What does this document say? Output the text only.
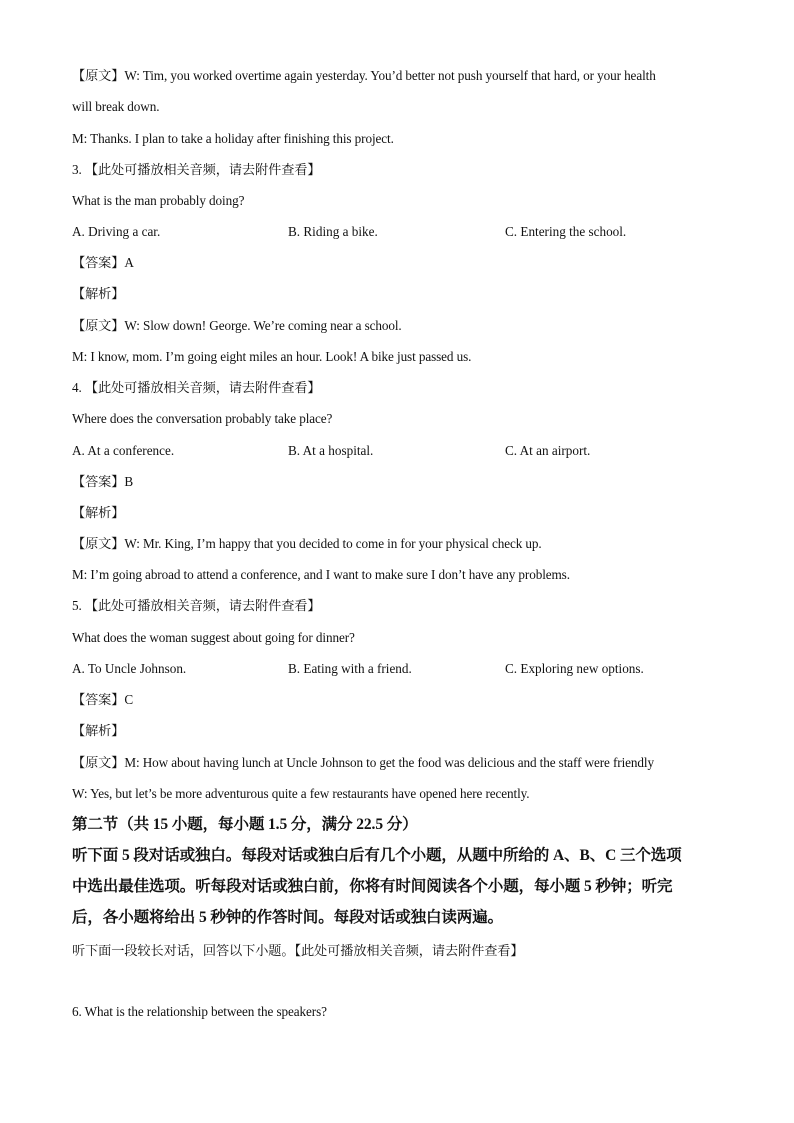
【原文】W: Tim, you worked overtime again yesterday. You’d better not push yourself that hard, or your health
will break down.
M: Thanks. I plan to take a holiday after finishing this project.
3. 【此处可播放相关音频，请去附件查看】
What is the man probably doing?
A. Driving a car.	B. Riding a bike.	C. Entering the school.
【答案】A
【解析】
【原文】W: Slow down! George. We’re coming near a school.
M: I know, mom. I’m going eight miles an hour. Look! A bike just passed us.
4. 【此处可播放相关音频，请去附件查看】
Where does the conversation probably take place?
A. At a conference.	B. At a hospital.	C. At an airport.
【答案】B
【解析】
【原文】W: Mr. King, I’m happy that you decided to come in for your physical check up.
M: I’m going abroad to attend a conference, and I want to make sure I don’t have any problems.
5. 【此处可播放相关音频，请去附件查看】
What does the woman suggest about going for dinner?
A. To Uncle Johnson.	B. Eating with a friend.	C. Exploring new options.
【答案】C
【解析】
【原文】M: How about having lunch at Uncle Johnson to get the food was delicious and the staff were friendly
W: Yes, but let’s be more adventurous quite a few restaurants have opened here recently.
第二节（共 15 小题，每小题 1.5 分，满分 22.5 分）
听下面 5 段对话或独白。每段对话或独白后有几个小题，从题中所给的 A、B、C 三个选项
中选出最佳选项。听每段对话或独白前，你将有时间阅读各个小题，每小题 5 秒钟；听完
后，各小题将给出 5 秒钟的作答时间。每段对话或独白读两遍。
听下面一段较长对话，回答以下小题。【此处可播放相关音频，请去附件查看】
6. What is the relationship between the speakers?
